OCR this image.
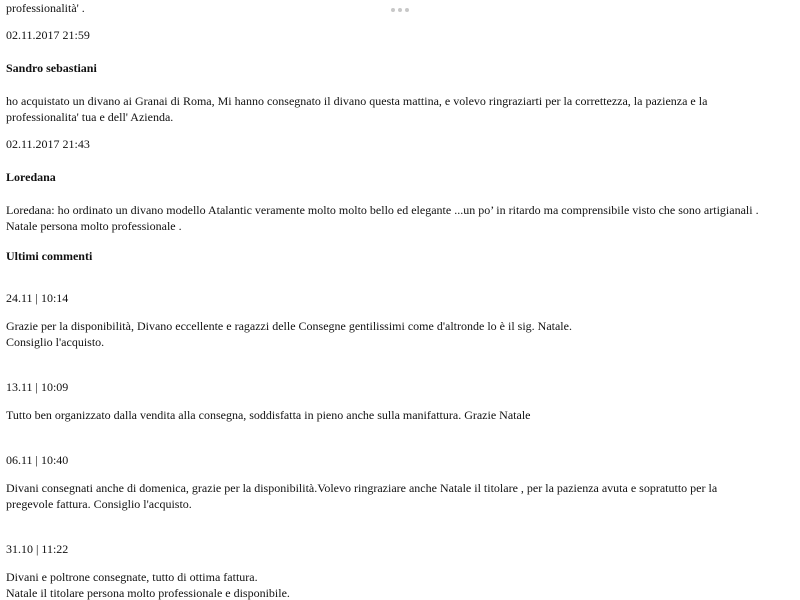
professionalità' .

02.11.2017 21:59

Sandro sebastiani

ho acquistato un divano ai Granai di Roma, Mi hanno consegnato il divano questa mattina, e volevo ringraziarti per la correttezza, la pazienza e la

professionalita' tua e dell' Azienda.

02.11.2017 21:43

Loredana

Loredana: ho ordinato un divano modello Atalantic veramente molto molto bello ed elegante ...un po’ in ritardo ma comprensibile visto che sono artigianali .

Natale persona molto professionale .

Ultimi commenti

24.11 | 10:14

Grazie per la disponibilità, Divano eccellente e ragazzi delle Consegne gentilissimi come d'altronde lo è il sig. Natale.

Consiglio l'acquisto.

13.11 | 10:09

Tutto ben organizzato dalla vendita alla consegna, soddisfatta in pieno anche sulla manifattura. Grazie Natale

06.11 | 10:40

Divani consegnati anche di domenica, grazie per la disponibilità.Volevo ringraziare anche Natale il titolare , per la pazienza avuta e sopratutto per la

pregevole fattura. Consiglio l'acquisto.

31.10 | 11:22

Divani e poltrone consegnate, tutto di ottima fattura.

Natale il titolare persona molto professionale e disponibile.
